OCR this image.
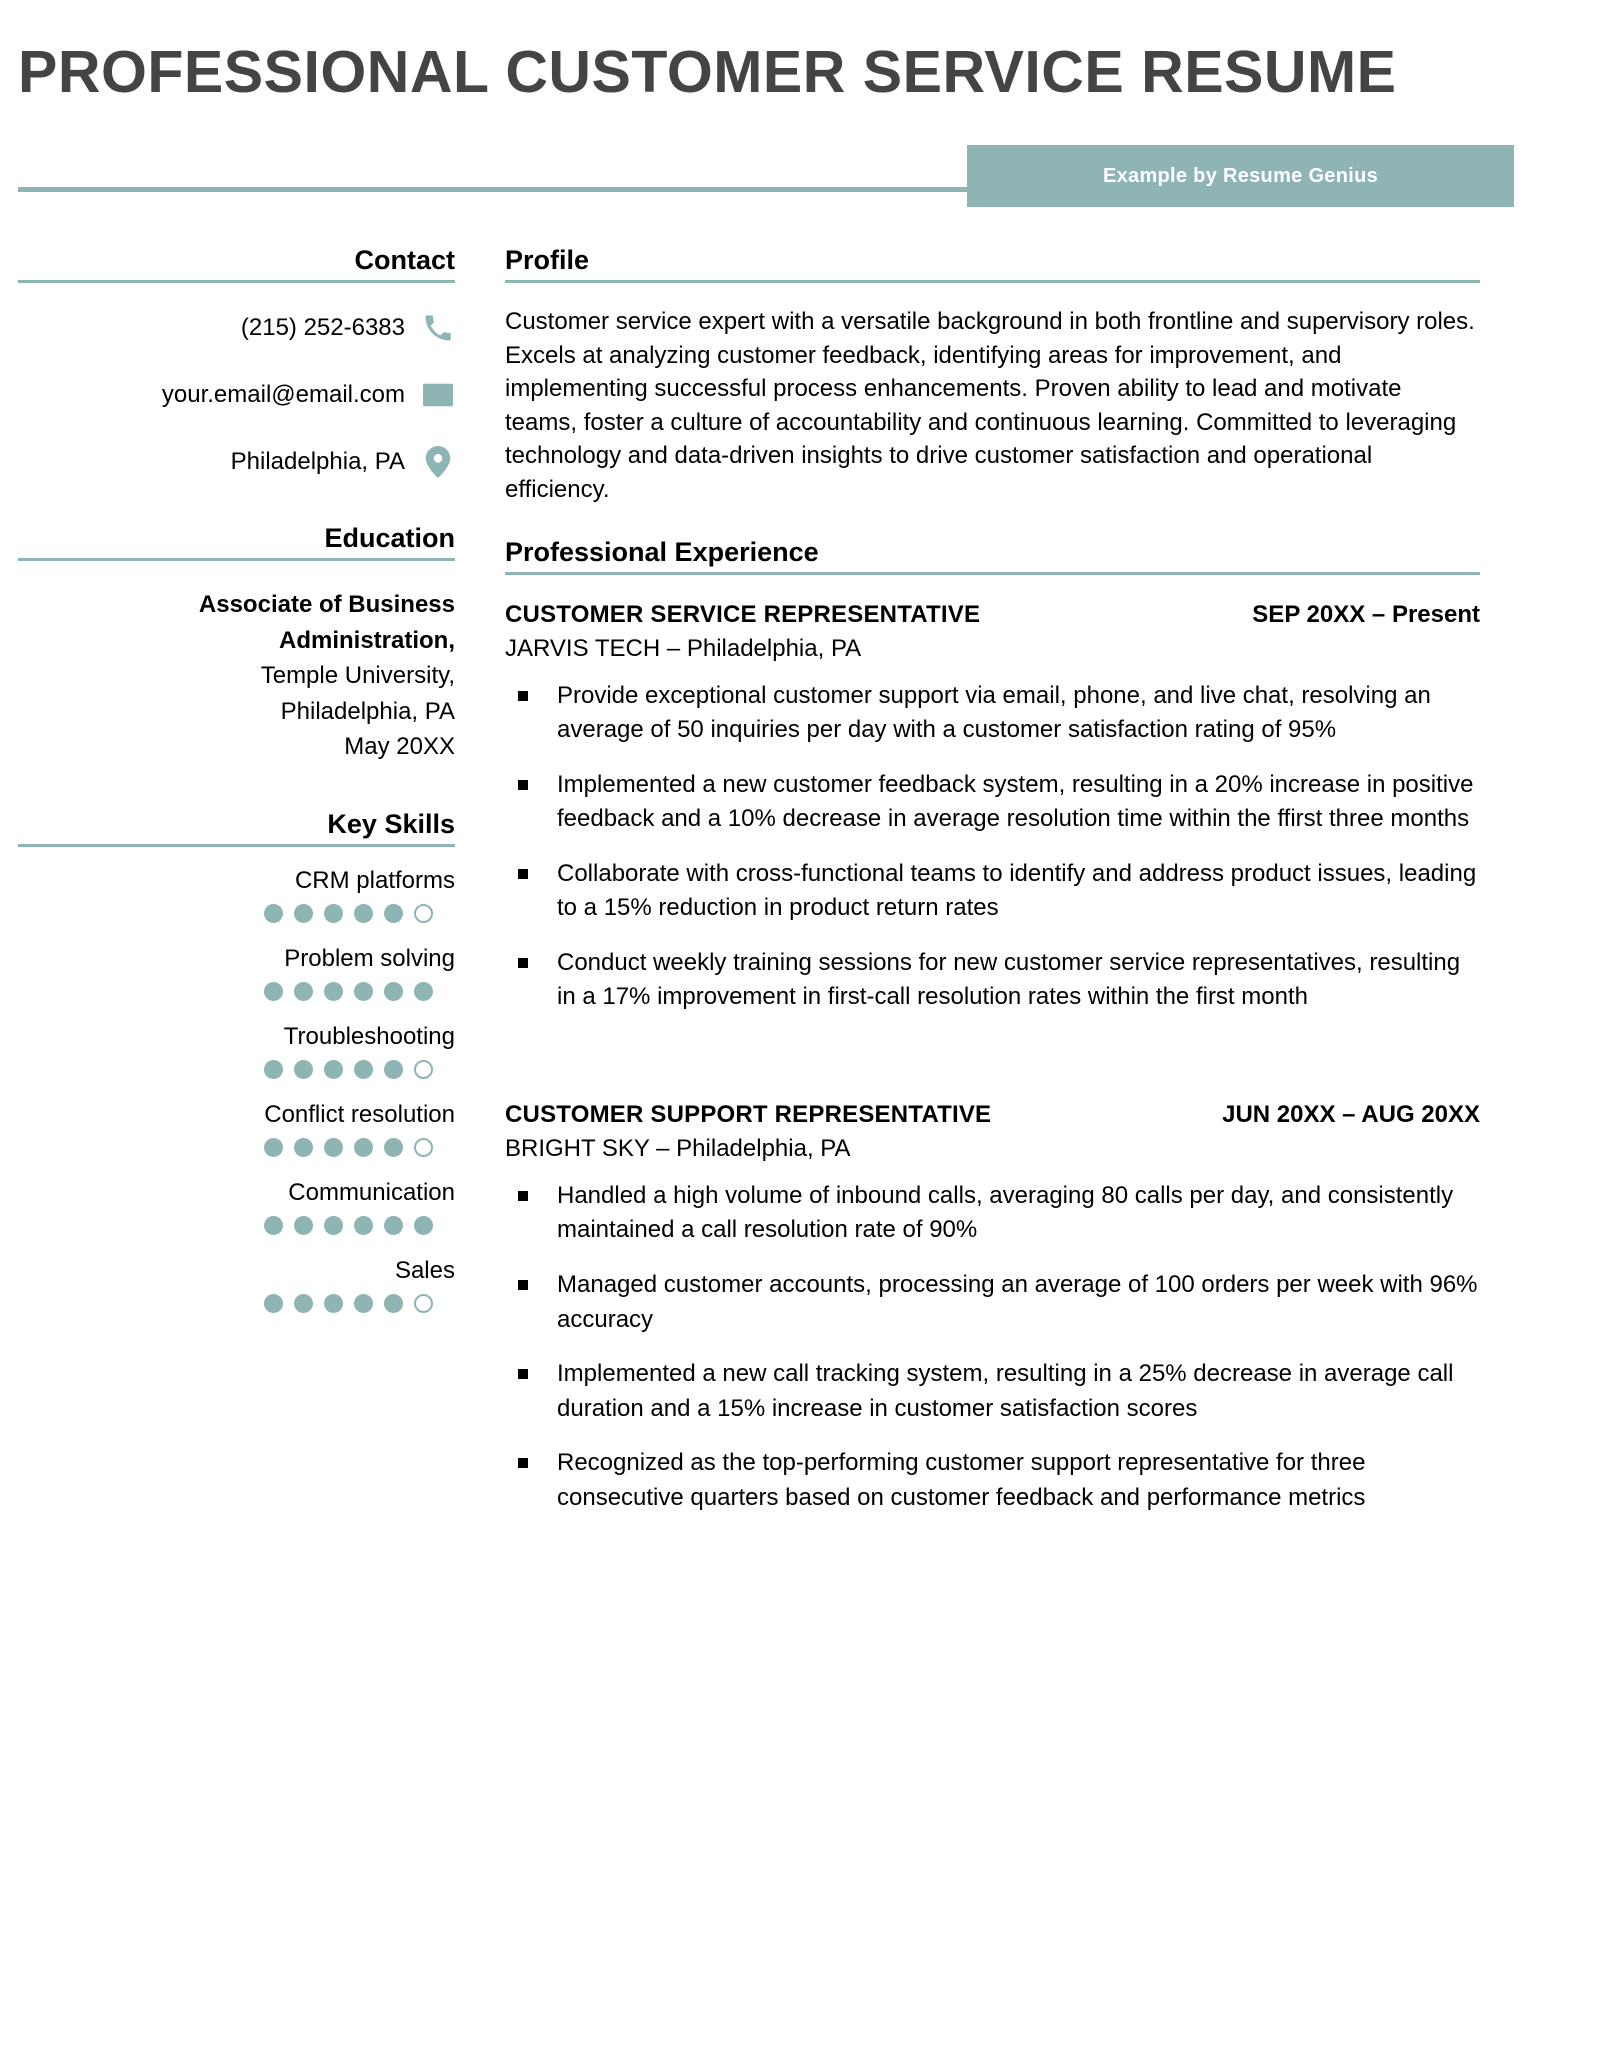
PROFESSIONAL CUSTOMER SERVICE RESUME
Example by Resume Genius
Contact
(215) 252-6383
your.email@email.com
Philadelphia, PA
Education
Associate of Business
Administration,
Temple University,
Philadelphia, PA
May 20XX
Key Skills
CRM platforms
Problem solving
Troubleshooting
Conflict resolution
Communication
Sales
Profile
Customer service expert with a versatile background in both frontline and supervisory roles. Excels at analyzing customer feedback, identifying areas for improvement, and implementing successful process enhancements. Proven ability to lead and motivate teams, foster a culture of accountability and continuous learning. Committed to leveraging technology and data-driven insights to drive customer satisfaction and operational efficiency.
Professional Experience
CUSTOMER SERVICE REPRESENTATIVE	SEP 20XX – Present
JARVIS TECH – Philadelphia, PA
Provide exceptional customer support via email, phone, and live chat, resolving an average of 50 inquiries per day with a customer satisfaction rating of 95%
Implemented a new customer feedback system, resulting in a 20% increase in positive feedback and a 10% decrease in average resolution time within the ffirst three months
Collaborate with cross-functional teams to identify and address product issues, leading to a 15% reduction in product return rates
Conduct weekly training sessions for new customer service representatives, resulting in a 17% improvement in first-call resolution rates within the first month
CUSTOMER SUPPORT REPRESENTATIVE	JUN 20XX – AUG 20XX
BRIGHT SKY – Philadelphia, PA
Handled a high volume of inbound calls, averaging 80 calls per day, and consistently maintained a call resolution rate of 90%
Managed customer accounts, processing an average of 100 orders per week with 96% accuracy
Implemented a new call tracking system, resulting in a 25% decrease in average call duration and a 15% increase in customer satisfaction scores
Recognized as the top-performing customer support representative for three consecutive quarters based on customer feedback and performance metrics
